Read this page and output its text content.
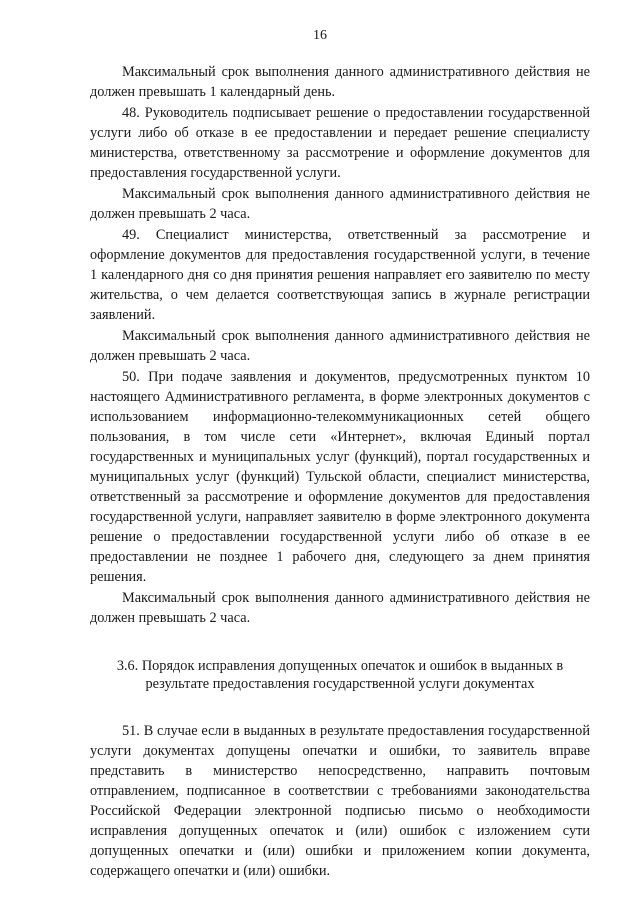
16

Максимальный срок выполнения данного административного действия не должен превышать 1 календарный день.

48. Руководитель подписывает решение о предоставлении государственной услуги либо об отказе в ее предоставлении и передает решение специалисту министерства, ответственному за рассмотрение и оформление документов для предоставления государственной услуги.

Максимальный срок выполнения данного административного действия не должен превышать 2 часа.

49. Специалист министерства, ответственный за рассмотрение и оформление документов для предоставления государственной услуги, в течение 1 календарного дня со дня принятия решения направляет его заявителю по месту жительства, о чем делается соответствующая запись в журнале регистрации заявлений.

Максимальный срок выполнения данного административного действия не должен превышать 2 часа.

50. При подаче заявления и документов, предусмотренных пунктом 10 настоящего Административного регламента, в форме электронных документов с использованием информационно-телекоммуникационных сетей общего пользования, в том числе сети «Интернет», включая Единый портал государственных и муниципальных услуг (функций), портал государственных и муниципальных услуг (функций) Тульской области, специалист министерства, ответственный за рассмотрение и оформление документов для предоставления государственной услуги, направляет заявителю в форме электронного документа решение о предоставлении государственной услуги либо об отказе в ее предоставлении не позднее 1 рабочего дня, следующего за днем принятия решения.

Максимальный срок выполнения данного административного действия не должен превышать 2 часа.

3.6. Порядок исправления допущенных опечаток и ошибок в выданных в результате предоставления государственной услуги документах

51. В случае если в выданных в результате предоставления государственной услуги документах допущены опечатки и ошибки, то заявитель вправе представить в министерство непосредственно, направить почтовым отправлением, подписанное в соответствии с требованиями законодательства Российской Федерации электронной подписью письмо о необходимости исправления допущенных опечаток и (или) ошибок с изложением сути допущенных опечатки и (или) ошибки и приложением копии документа, содержащего опечатки и (или) ошибки.
